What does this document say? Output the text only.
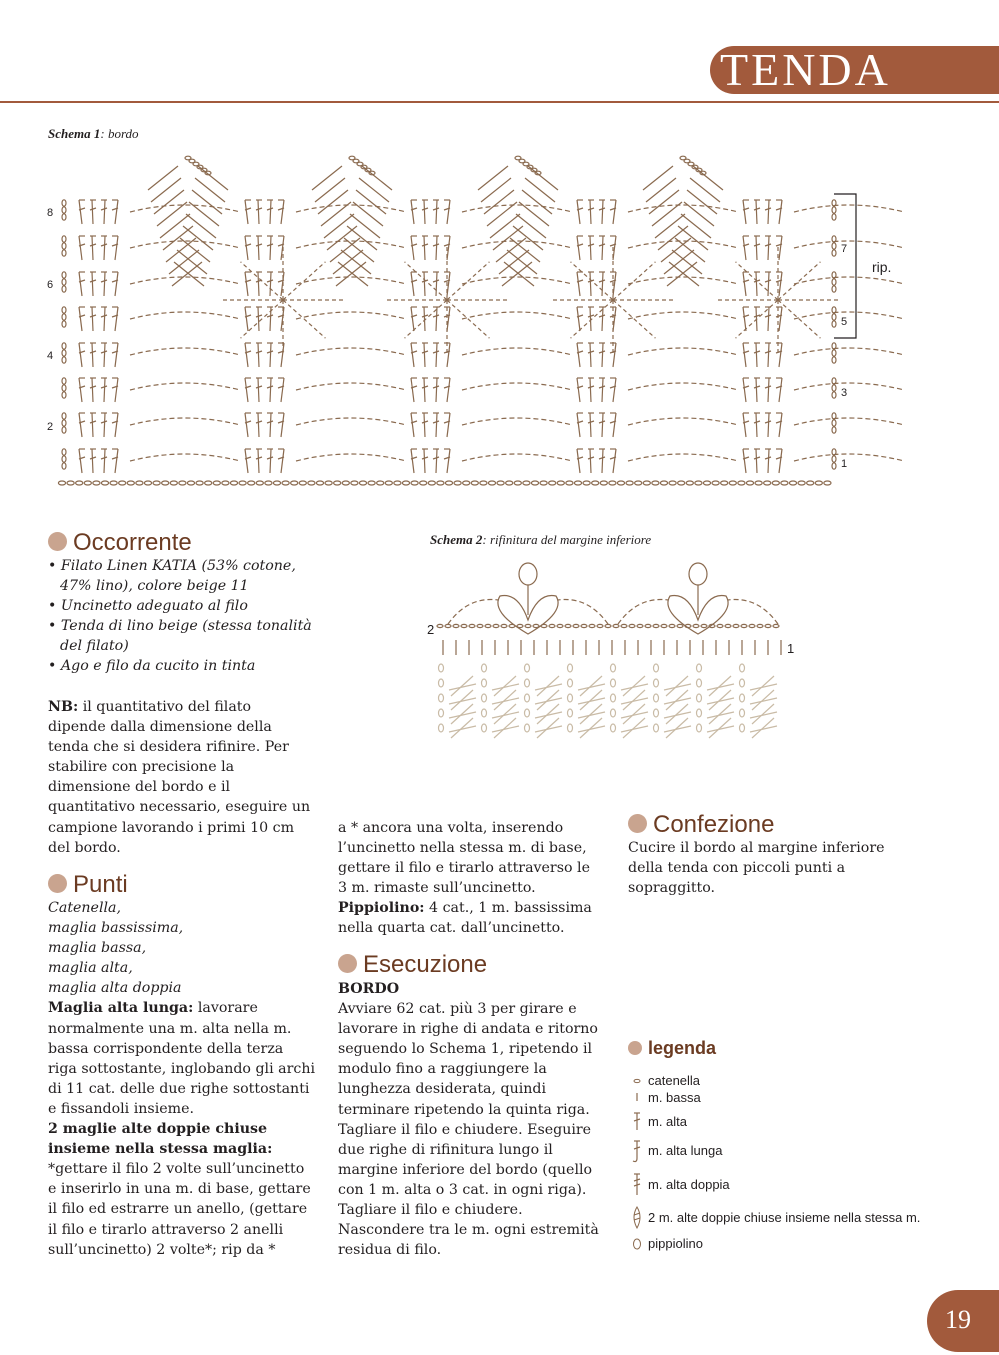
TENDA
Schema 1: bordo
8
6
4
2
7
5
3
1
rip.
Schema 2: rifinitura del margine inferiore
2
1
Occorrente

• Filato Linen KATIA (53% cotone, 47% lino), colore beige 11

• Uncinetto adeguato al filo

• Tenda di lino beige (stessa tonalità del filato)

• Ago e filo da cucito in tinta

NB: il quantitativo del filato dipende dalla dimensione della tenda che si desidera rifinire. Per stabilire con precisione la dimensione del bordo e il quantitativo necessario, eseguire un campione lavorando i primi 10 cm del bordo.
Punti

Catenella,

maglia bassissima,

maglia bassa,

maglia alta,

maglia alta doppia

Maglia alta lunga: lavorare normalmente una m. alta nella m. bassa corrispondente della terza riga sottostante, inglobando gli archi di 11 cat. delle due righe sottostanti e fissandoli insieme.

2 maglie alte doppie chiuse insieme nella stessa maglia: *gettare il filo 2 volte sull’uncinetto e inserirlo in una m. di base, gettare il filo ed estrarre un anello, (gettare il filo e tirarlo attraverso 2 anelli sull’uncinetto) 2 volte*; rip da *

a * ancora una volta, inserendo l’uncinetto nella stessa m. di base, gettare il filo e tirarlo attraverso le 3 m. rimaste sull’uncinetto.

Pippiolino: 4 cat., 1 m. bassissima nella quarta cat. dall’uncinetto.

Esecuzione

BORDO

Avviare 62 cat. più 3 per girare e lavorare in righe di andata e ritorno seguendo lo Schema 1, ripetendo il modulo fino a raggiungere la lunghezza desiderata, quindi terminare ripetendo la quinta riga. Tagliare il filo e chiudere. Eseguire due righe di rifinitura lungo il margine inferiore del bordo (quello con 1 m. alta o 3 cat. in ogni riga). Tagliare il filo e chiudere. Nascondere tra le m. ogni estremità residua di filo.

Confezione
Cucire il bordo al margine inferiore della tenda con piccoli punti a sopraggitto.
legenda
catenella
m. bassa
m. alta
m. alta lunga
m. alta doppia
2 m. alte doppie chiuse insieme nella stessa m.
pippiolino
19
